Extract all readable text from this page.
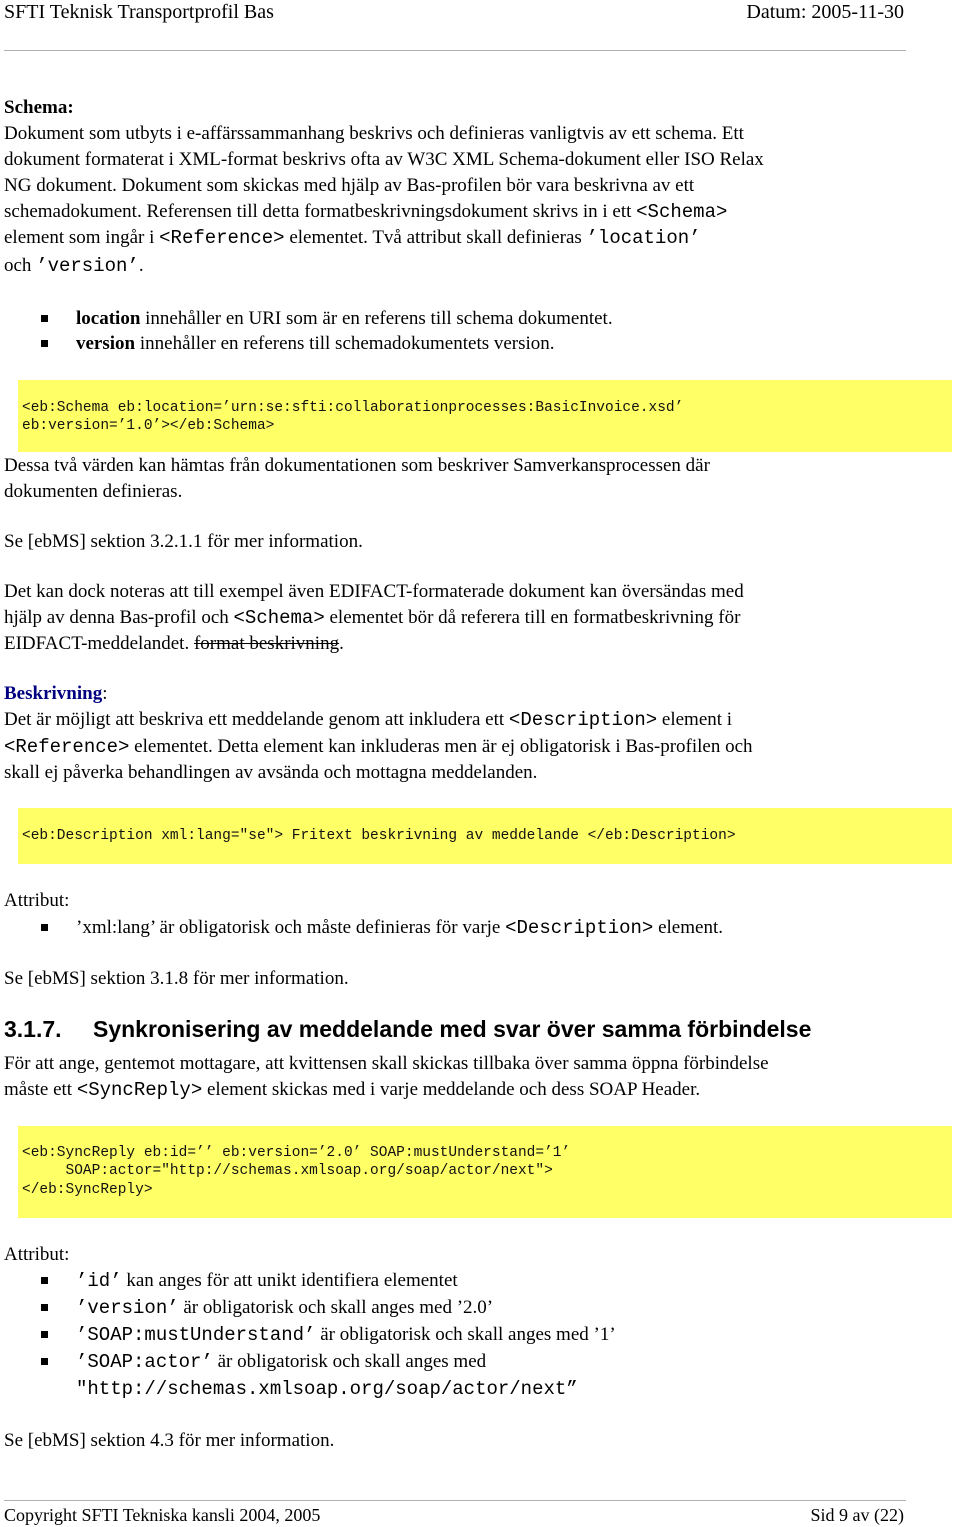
SFTI Teknisk Transportprofil Bas	Datum: 2005-11-30
Schema:
Dokument som utbyts i e-affärssammanhang beskrivs och definieras vanligtvis av ett schema. Ett
dokument formaterat i XML-format beskrivs ofta av W3C XML Schema-dokument eller ISO Relax
NG dokument. Dokument som skickas med hjälp av Bas-profilen bör vara beskrivna av ett
schemadokument. Referensen till detta formatbeskrivningsdokument skrivs in i ett <Schema>
element som ingår i <Reference> elementet. Två attribut skall definieras ’location’
och ’version’.
location innehåller en URI som är en referens till schema dokumentet.
version innehåller en referens till schemadokumentets version.
<eb:Schema eb:location=’urn:se:sfti:collaborationprocesses:BasicInvoice.xsd’
eb:version=’1.0’></eb:Schema>
Dessa två värden kan hämtas från dokumentationen som beskriver Samverkansprocessen där
dokumenten definieras.
Se [ebMS] sektion 3.2.1.1 för mer information.
Det kan dock noteras att till exempel även EDIFACT-formaterade dokument kan översändas med
hjälp av denna Bas-profil och <Schema> elementet bör då referera till en formatbeskrivning för
EIDFACT-meddelandet. format beskrivning.
Beskrivning:
Det är möjligt att beskriva ett meddelande genom att inkludera ett <Description> element i
<Reference> elementet. Detta element kan inkluderas men är ej obligatorisk i Bas-profilen och
skall ej påverka behandlingen av avsända och mottagna meddelanden.
<eb:Description xml:lang="se"> Fritext beskrivning av meddelande </eb:Description>
Attribut:
’xml:lang’ är obligatorisk och måste definieras för varje <Description> element.
Se [ebMS] sektion 3.1.8 för mer information.
3.1.7. Synkronisering av meddelande med svar över samma förbindelse
För att ange, gentemot mottagare, att kvittensen skall skickas tillbaka över samma öppna förbindelse
måste ett <SyncReply> element skickas med i varje meddelande och dess SOAP Header.
<eb:SyncReply eb:id=’’ eb:version=’2.0’ SOAP:mustUnderstand=’1’
SOAP:actor="http://schemas.xmlsoap.org/soap/actor/next">
</eb:SyncReply>
Attribut:
’id’ kan anges för att unikt identifiera elementet
’version’ är obligatorisk och skall anges med ’2.0’
’SOAP:mustUnderstand’ är obligatorisk och skall anges med ’1’
’SOAP:actor’ är obligatorisk och skall anges med
"http://schemas.xmlsoap.org/soap/actor/next”
Se [ebMS] sektion 4.3 för mer information.
Copyright SFTI Tekniska kansli 2004, 2005	Sid 9 av (22)
